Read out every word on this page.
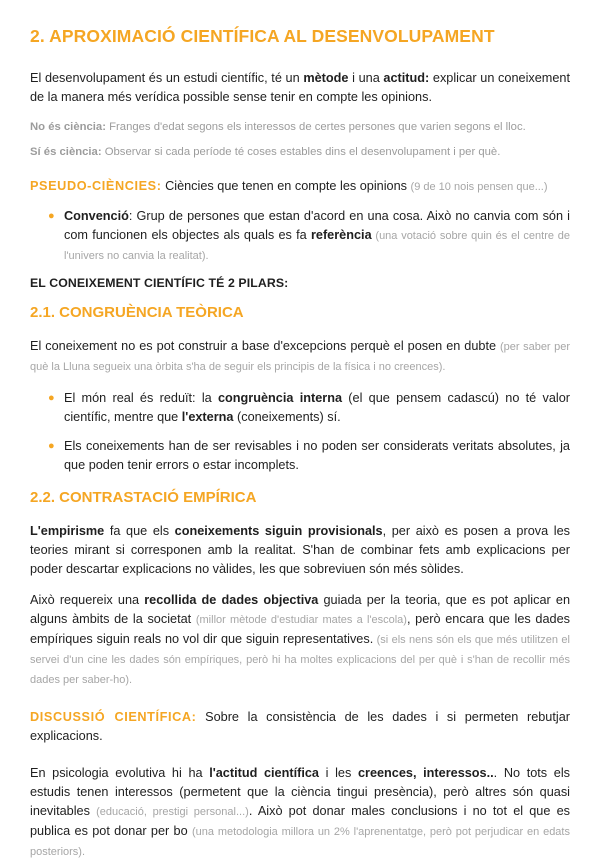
2. APROXIMACIÓ CIENTÍFICA AL DESENVOLUPAMENT

El desenvolupament és un estudi científic, té un mètode i una actitud: explicar un coneixement de la manera més verídica possible sense tenir en compte les opinions.

No és ciència: Franges d'edat segons els interessos de certes persones que varien segons el lloc.

Sí és ciència: Observar si cada període té coses estables dins el desenvolupament i per què.

PSEUDO-CIÈNCIES: Ciències que tenen en compte les opinions (9 de 10 nois pensen que...)

● Convenció: Grup de persones que estan d'acord en una cosa. Això no canvia com són i com funcionen els objectes als quals es fa referència (una votació sobre quin és el centre de l'univers no canvia la realitat).
EL CONEIXEMENT CIENTÍFIC TÉ 2 PILARS:
2.1. CONGRUÈNCIA TEÒRICA

El coneixement no es pot construir a base d'excepcions perquè el posen en dubte (per saber per què la Lluna segueix una òrbita s'ha de seguir els principis de la física i no creences).

● El món real és reduït: la congruència interna (el que pensem cadascú) no té valor científic, mentre que l'externa (coneixements) sí.
● Els coneixements han de ser revisables i no poden ser considerats veritats absolutes, ja que poden tenir errors o estar incomplets.
2.2. CONTRASTACIÓ EMPÍRICA

L'empirisme fa que els coneixements siguin provisionals, per això es posen a prova les teories mirant si corresponen amb la realitat. S'han de combinar fets amb explicacions per poder descartar explicacions no vàlides, les que sobreviuen són més sòlides.

Això requereix una recollida de dades objectiva guiada per la teoria, que es pot aplicar en alguns àmbits de la societat (millor mètode d'estudiar mates a l'escola), però encara que les dades empíriques siguin reals no vol dir que siguin representatives. (si els nens són els que més utilitzen el servei d'un cine les dades són empíriques, però hi ha moltes explicacions del per què i s'han de recollir més dades per saber-ho).

DISCUSSIÓ CIENTÍFICA: Sobre la consistència de les dades i si permeten rebutjar explicacions.

En psicologia evolutiva hi ha l'actitud científica i les creences, interessos... No tots els estudis tenen interessos (permetent que la ciència tingui presència), però altres són quasi inevitables (educació, prestigi personal...). Això pot donar males conclusions i no tot el que es publica es pot donar per bo (una metodologia millora un 2% l'aprenentatge, però pot perjudicar en edats posteriors).
